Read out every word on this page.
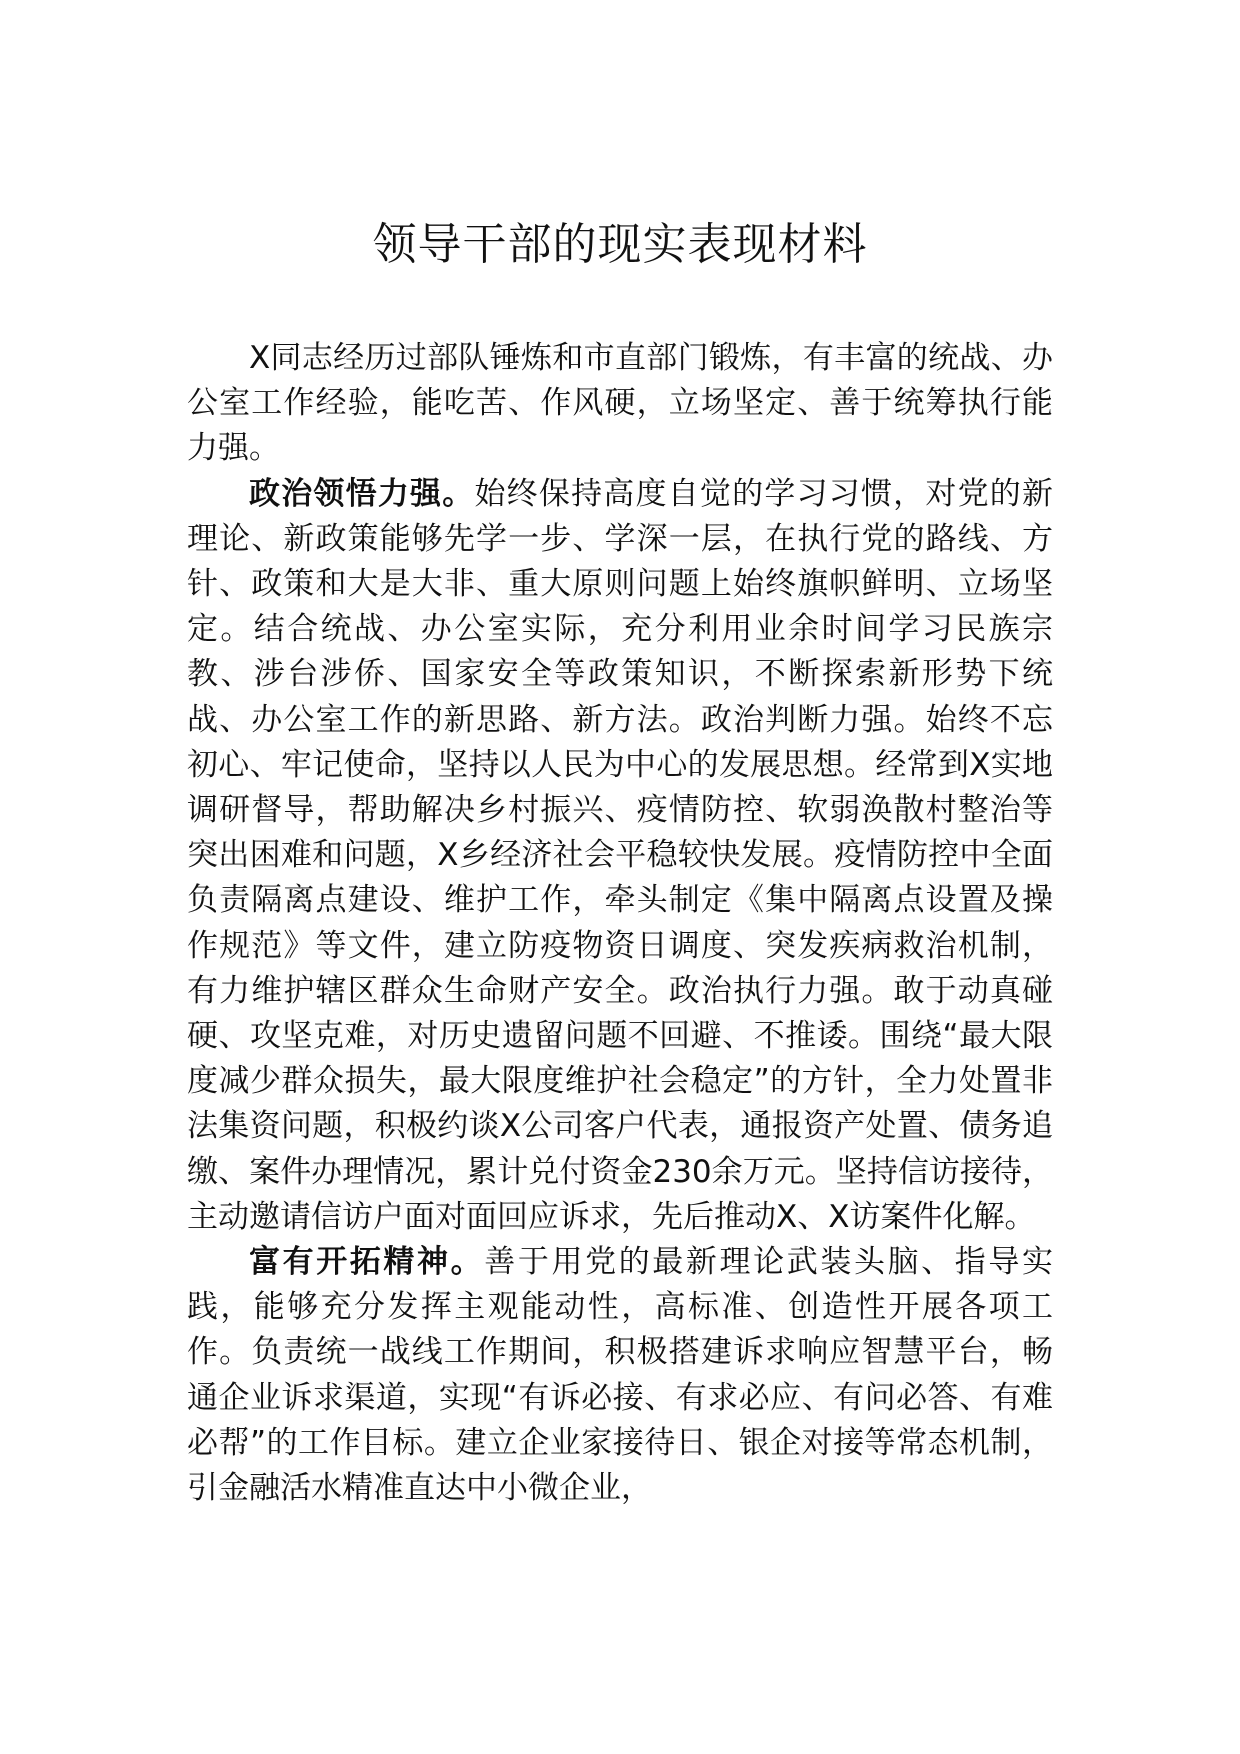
领导干部的现实表现材料

X同志经历过部队锤炼和市直部门锻炼，有丰富的统战、办公室工作经验，能吃苦、作风硬，立场坚定、善于统筹执行能力强。

政治领悟力强。始终保持高度自觉的学习习惯，对党的新理论、新政策能够先学一步、学深一层，在执行党的路线、方针、政策和大是大非、重大原则问题上始终旗帜鲜明、立场坚定。结合统战、办公室实际，充分利用业余时间学习民族宗教、涉台涉侨、国家安全等政策知识，不断探索新形势下统战、办公室工作的新思路、新方法。政治判断力强。始终不忘初心、牢记使命，坚持以人民为中心的发展思想。经常到X实地调研督导，帮助解决乡村振兴、疫情防控、软弱涣散村整治等突出困难和问题，X乡经济社会平稳较快发展。疫情防控中全面负责隔离点建设、维护工作，牵头制定《集中隔离点设置及操作规范》等文件，建立防疫物资日调度、突发疾病救治机制，有力维护辖区群众生命财产安全。政治执行力强。敢于动真碰硬、攻坚克难，对历史遗留问题不回避、不推诿。围绕“最大限度减少群众损失，最大限度维护社会稳定”的方针，全力处置非法集资问题，积极约谈X公司客户代表，通报资产处置、债务追缴、案件办理情况，累计兑付资金230余万元。坚持信访接待，主动邀请信访户面对面回应诉求，先后推动X、X访案件化解。

富有开拓精神。善于用党的最新理论武装头脑、指导实践，能够充分发挥主观能动性，高标准、创造性开展各项工作。负责统一战线工作期间，积极搭建诉求响应智慧平台，畅通企业诉求渠道，实现“有诉必接、有求必应、有问必答、有难必帮”的工作目标。建立企业家接待日、银企对接等常态机制，引金融活水精准直达中小微企业，
